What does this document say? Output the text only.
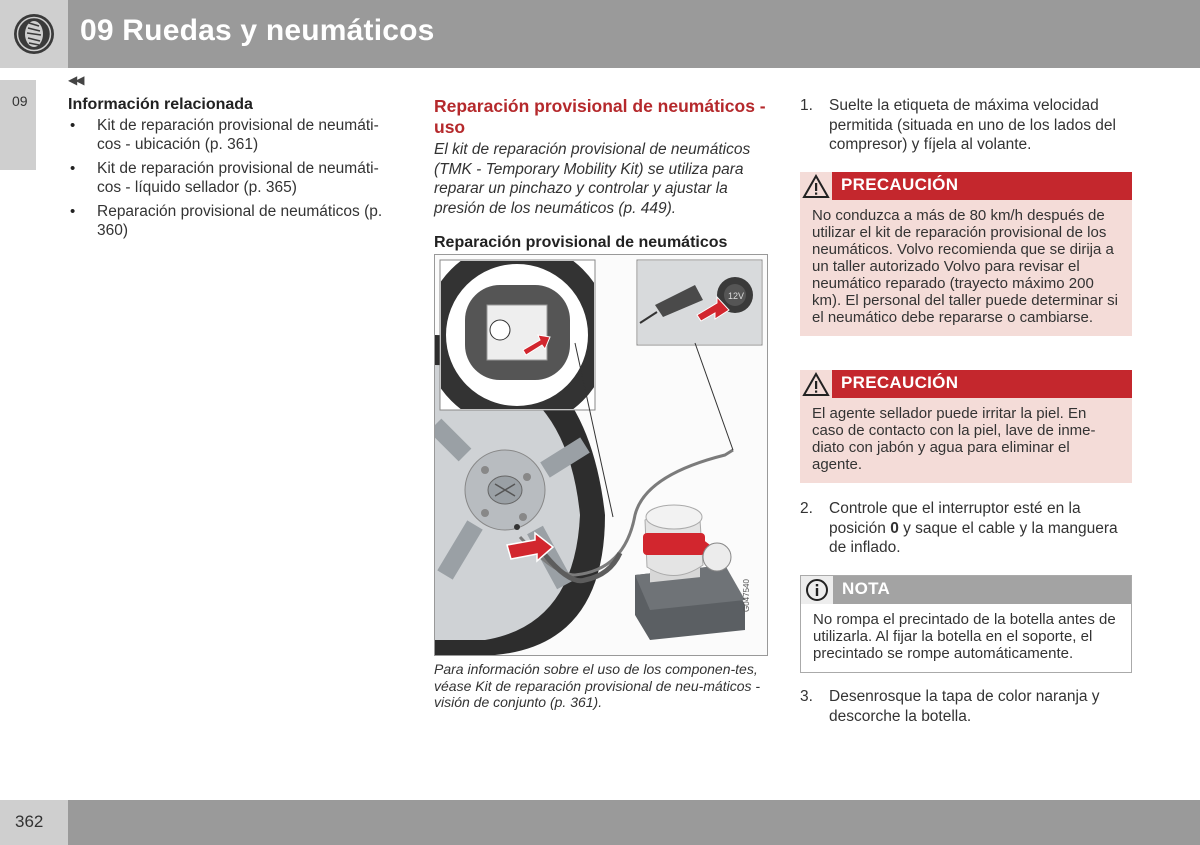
09 Ruedas y neumáticos
09
◀◀
Información relacionada
• Kit de reparación provisional de neumáti-cos - ubicación (p. 361)
• Kit de reparación provisional de neumáti-cos - líquido sellador (p. 365)
• Reparación provisional de neumáticos (p. 360)
Reparación provisional de neumáticos - uso

El kit de reparación provisional de neumáticos (TMK - Temporary Mobility Kit) se utiliza para reparar un pinchazo y controlar y ajustar la presión de los neumáticos (p. 449).

Reparación provisional de neumáticos
12V
G047540

Para información sobre el uso de los componen-tes, véase Kit de reparación provisional de neu-máticos - visión de conjunto (p. 361).

1. Suelte la etiqueta de máxima velocidad permitida (situada en uno de los lados del compresor) y fíjela al volante.
PRECAUCIÓN
No conduzca a más de 80 km/h después de utilizar el kit de reparación provisional de los neumáticos. Volvo recomienda que se dirija a un taller autorizado Volvo para revisar el neumático reparado (trayecto máximo 200 km). El personal del taller puede determinar si el neumático debe repararse o cambiarse.
PRECAUCIÓN
El agente sellador puede irritar la piel. En caso de contacto con la piel, lave de inme-diato con jabón y agua para eliminar el agente.
2. Controle que el interruptor esté en la posición 0 y saque el cable y la manguera de inflado.
NOTA
No rompa el precintado de la botella antes de utilizarla. Al fijar la botella en el soporte, el precintado se rompe automáticamente.
3. Desenrosque la tapa de color naranja y descorche la botella.
362
